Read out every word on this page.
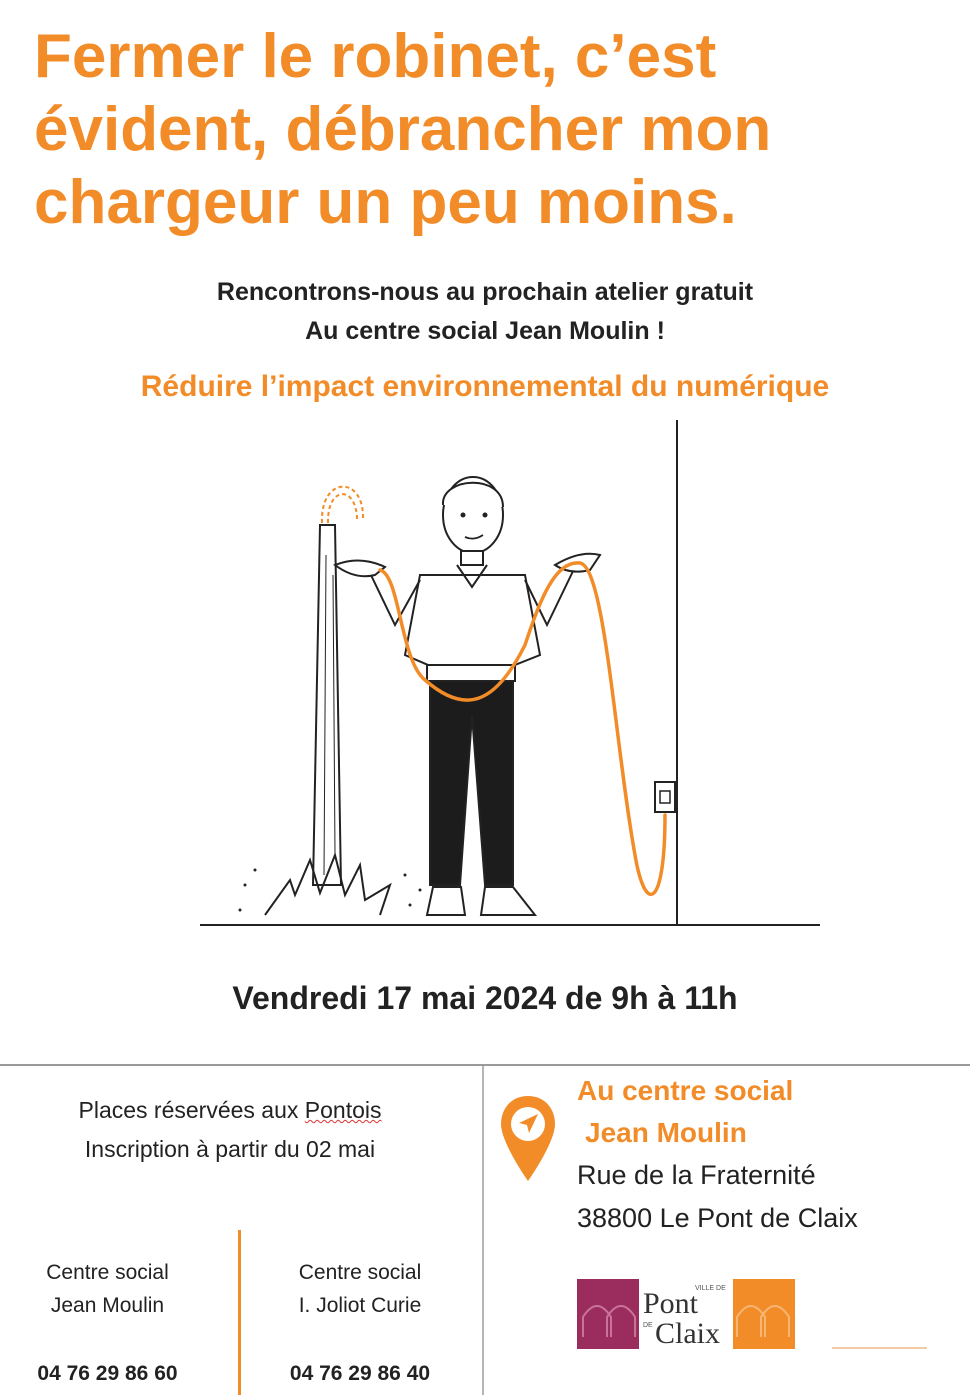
Fermer le robinet, c’est
évident, débrancher mon
chargeur un peu moins.
Rencontrons-nous au prochain atelier gratuit
Au centre social Jean Moulin !
Réduire l’impact environnemental du numérique
Vendredi 17 mai 2024 de 9h à 11h
Places réservées aux Pontois
Inscription à partir du 02 mai
Centre social
Jean Moulin
Centre social
I. Joliot Curie
04 76 29 86 60	04 76 29 86 40
Au centre social
Jean Moulin
Rue de la Fraternité
38800 Le Pont de Claix
VILLE DE
Pont
DE Claix
